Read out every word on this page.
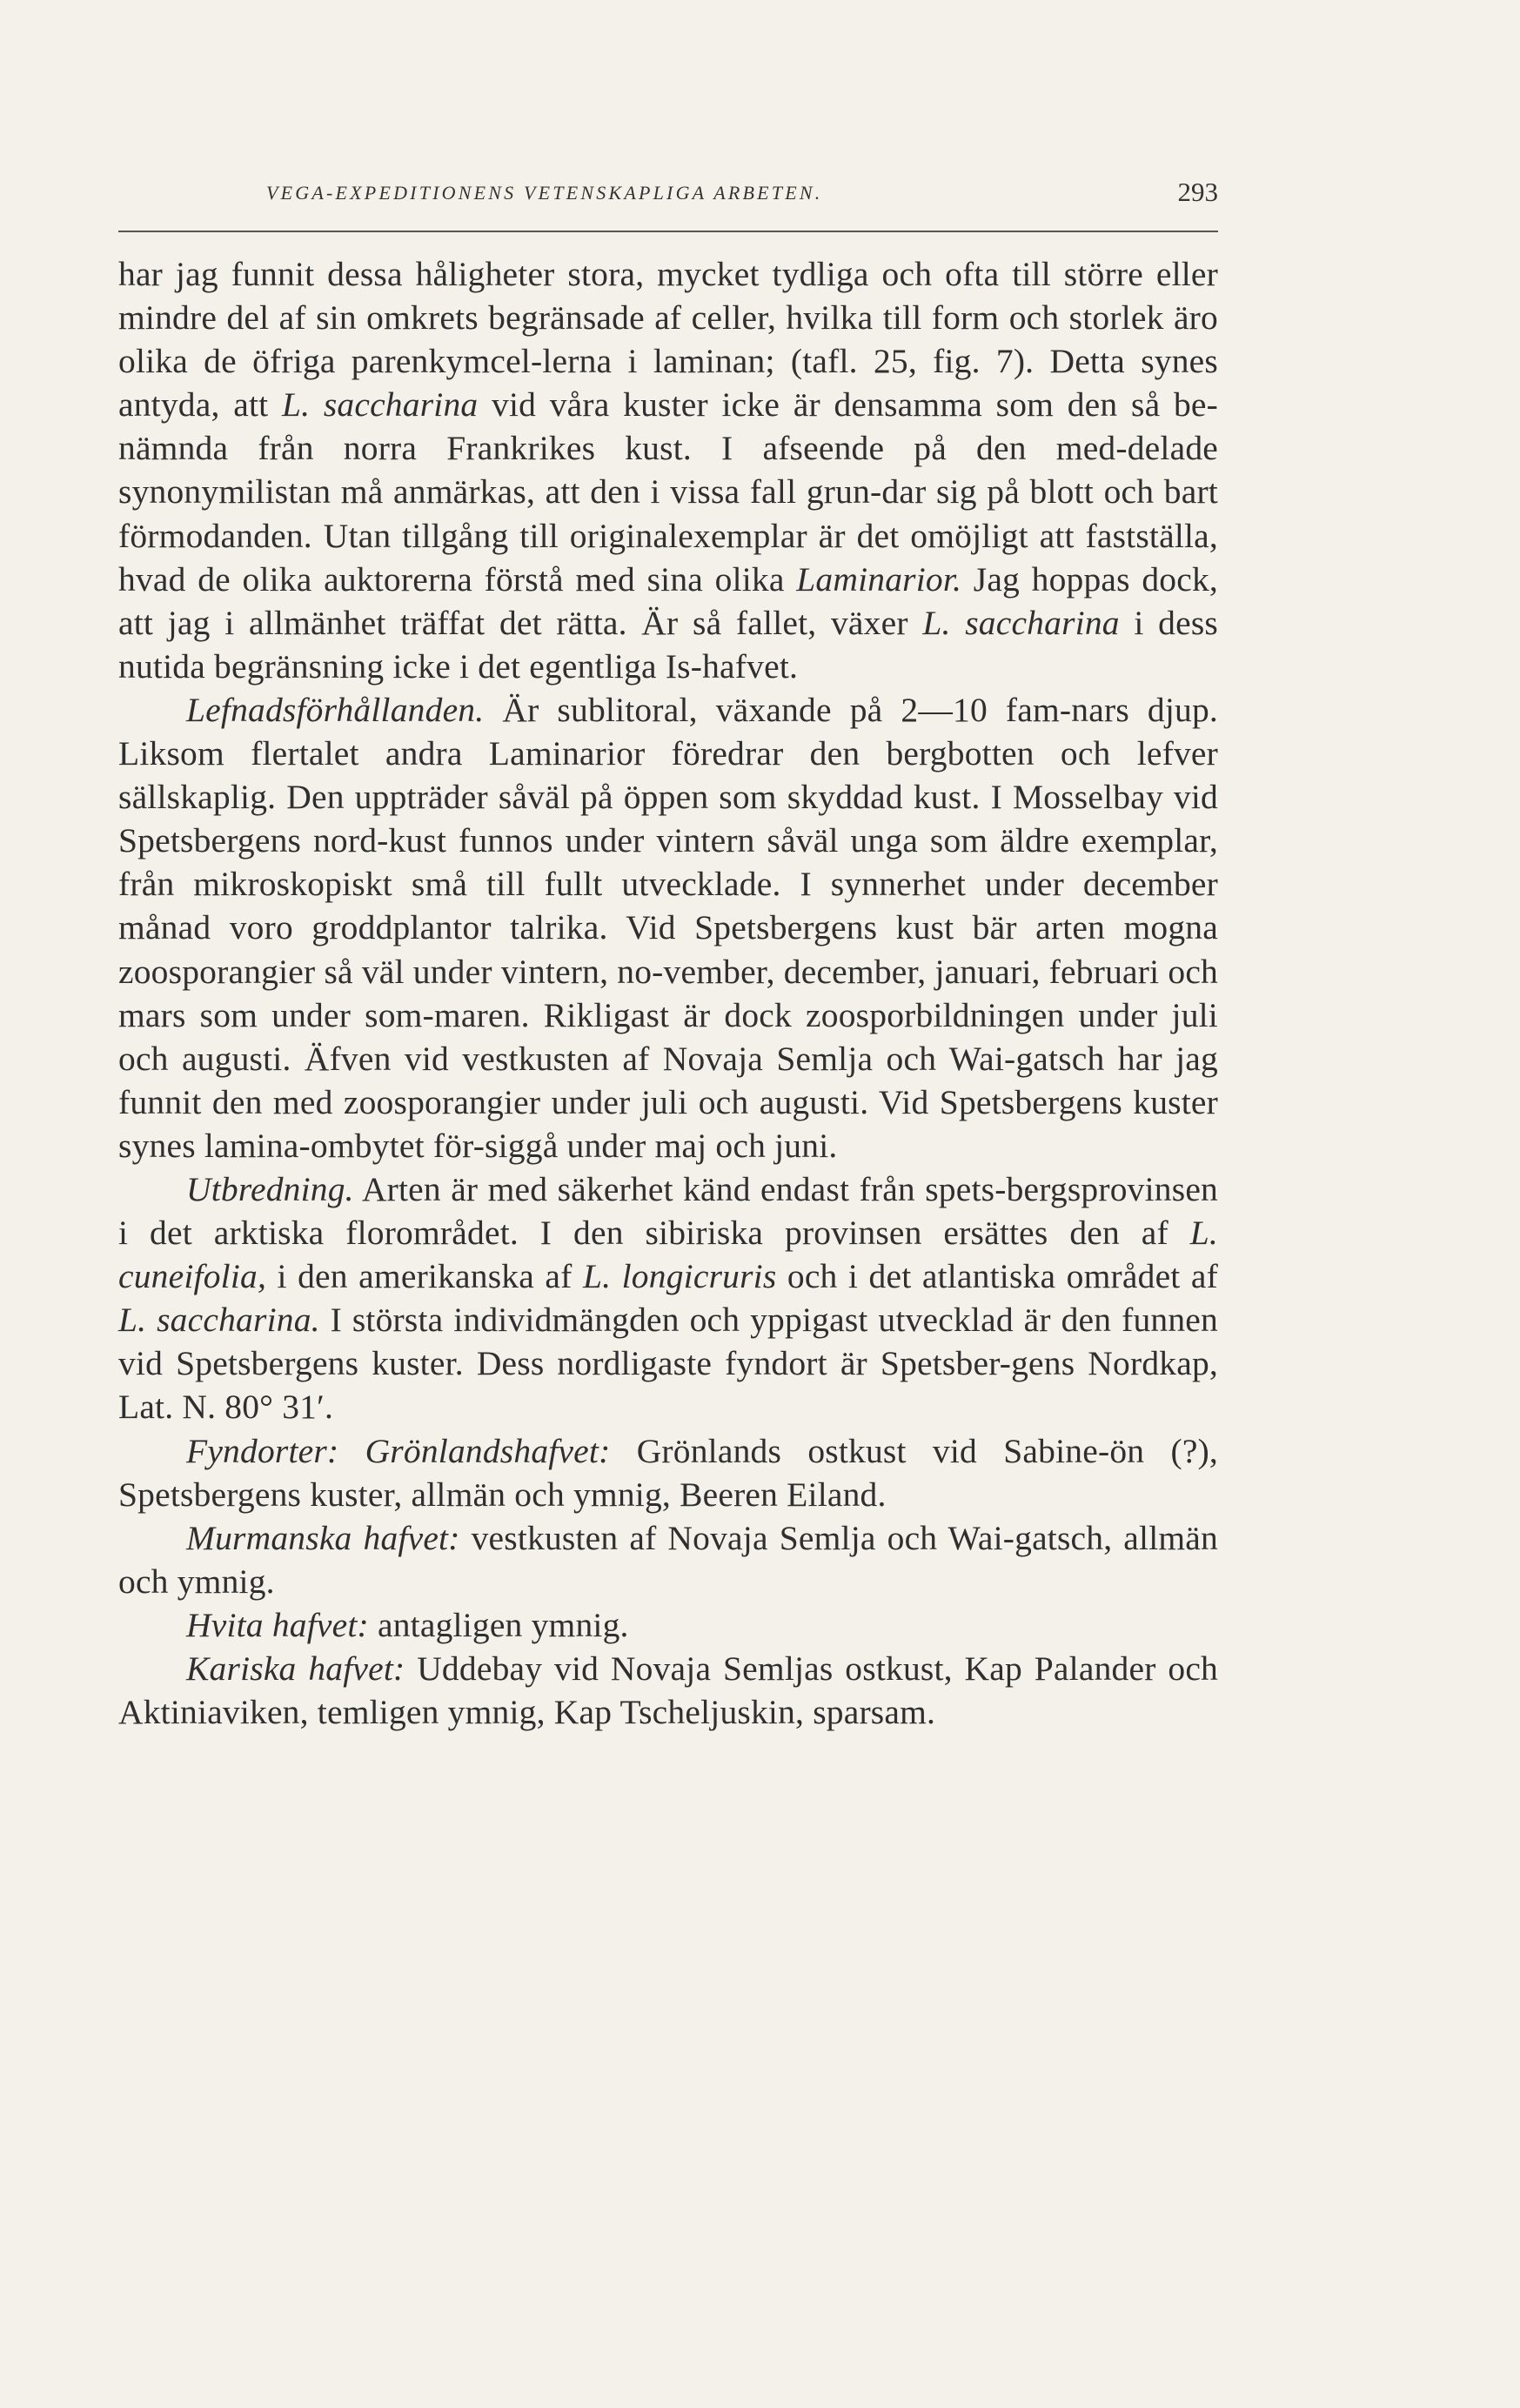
VEGA-EXPEDITIONENS VETENSKAPLIGA ARBETEN.	293

har jag funnit dessa håligheter stora, mycket tydliga och ofta till större eller mindre del af sin omkrets begränsade af celler, hvilka till form och storlek äro olika de öfriga parenkymcel-lerna i laminan; (tafl. 25, fig. 7). Detta synes antyda, att L. saccharina vid våra kuster icke är densamma som den så be-nämnda från norra Frankrikes kust. I afseende på den med-delade synonymilistan må anmärkas, att den i vissa fall grun-dar sig på blott och bart förmodanden. Utan tillgång till originalexemplar är det omöjligt att fastställa, hvad de olika auktorerna förstå med sina olika Laminarior. Jag hoppas dock, att jag i allmänhet träffat det rätta. Är så fallet, växer L. saccharina i dess nutida begränsning icke i det egentliga Is-hafvet.

Lefnadsförhållanden. Är sublitoral, växande på 2—10 fam-nars djup. Liksom flertalet andra Laminarior föredrar den bergbotten och lefver sällskaplig. Den uppträder såväl på öppen som skyddad kust. I Mosselbay vid Spetsbergens nord-kust funnos under vintern såväl unga som äldre exemplar, från mikroskopiskt små till fullt utvecklade. I synnerhet under december månad voro groddplantor talrika. Vid Spetsbergens kust bär arten mogna zoosporangier så väl under vintern, no-vember, december, januari, februari och mars som under som-maren. Rikligast är dock zoosporbildningen under juli och augusti. Äfven vid vestkusten af Novaja Semlja och Wai-gatsch har jag funnit den med zoosporangier under juli och augusti. Vid Spetsbergens kuster synes lamina-ombytet för-siggå under maj och juni.

Utbredning. Arten är med säkerhet känd endast från spets-bergsprovinsen i det arktiska florområdet. I den sibiriska provinsen ersättes den af L. cuneifolia, i den amerikanska af L. longicruris och i det atlantiska området af L. saccharina. I största individmängden och yppigast utvecklad är den funnen vid Spetsbergens kuster. Dess nordligaste fyndort är Spetsber-gens Nordkap, Lat. N. 80° 31′.

Fyndorter: Grönlandshafvet: Grönlands ostkust vid Sabine-ön (?), Spetsbergens kuster, allmän och ymnig, Beeren Eiland.

Murmanska hafvet: vestkusten af Novaja Semlja och Wai-gatsch, allmän och ymnig.

Hvita hafvet: antagligen ymnig.

Kariska hafvet: Uddebay vid Novaja Semljas ostkust, Kap Palander och Aktiniaviken, temligen ymnig, Kap Tscheljuskin, sparsam.
